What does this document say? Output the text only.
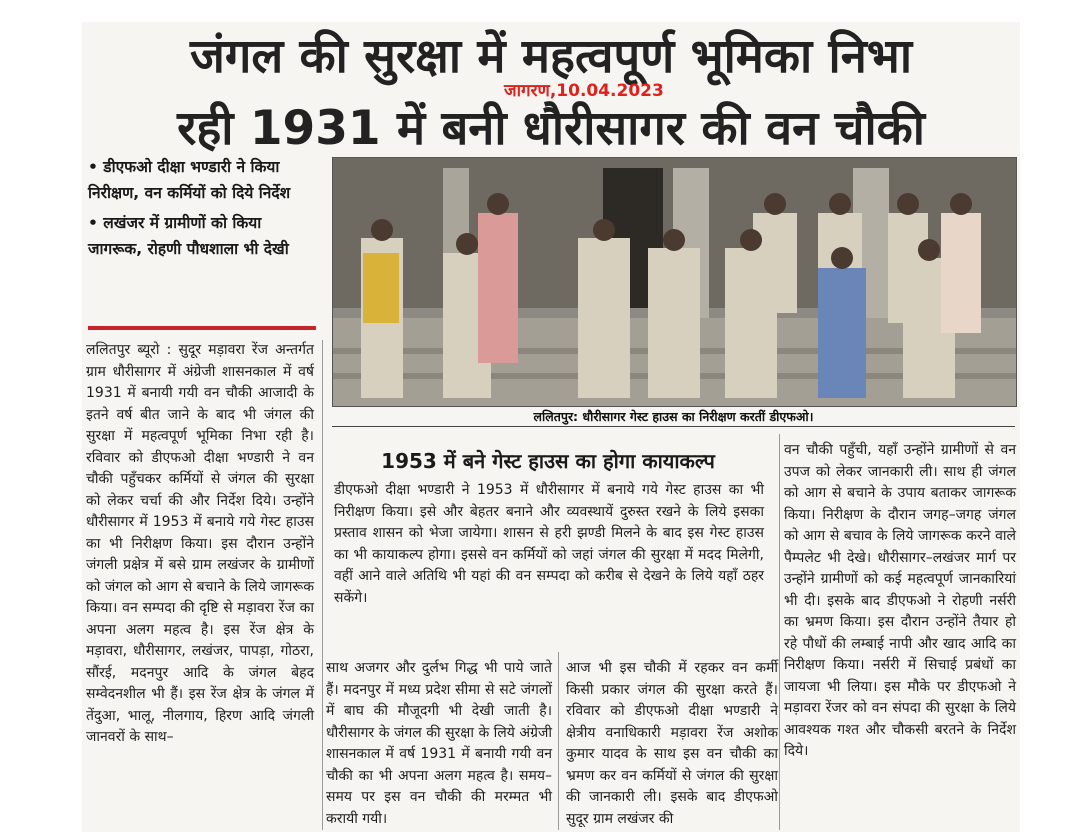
जंगल की सुरक्षा में महत्वपूर्ण भूमिका निभा
रही 1931 में बनी धौरीसागर की वन चौकी
जागरण,10.04.2023
• डीएफओ दीक्षा भण्डारी ने किया निरीक्षण, वन कर्मियों को दिये निर्देश
• लखंजर में ग्रामीणों को किया जागरूक, रोहणी पौधशाला भी देखी
ललितपुर ब्यूरो : सुदूर मड़ावरा रेंज अन्तर्गत ग्राम धौरीसागर में अंग्रेजी शासनकाल में वर्ष 1931 में बनायी गयी वन चौकी आजादी के इतने वर्ष बीत जाने के बाद भी जंगल की सुरक्षा में महत्वपूर्ण भूमिका निभा रही है। रविवार को डीएफओ दीक्षा भण्डारी ने वन चौकी पहुँचकर कर्मियों से जंगल की सुरक्षा को लेकर चर्चा की और निर्देश दिये। उन्होंने धौरीसागर में 1953 में बनाये गये गेस्ट हाउस का भी निरीक्षण किया। इस दौरान उन्होंने जंगली प्रक्षेत्र में बसे ग्राम लखंजर के ग्रामीणों को जंगल को आग से बचाने के लिये जागरूक किया। वन सम्पदा की दृष्टि से मड़ावरा रेंज का अपना अलग महत्व है। इस रेंज क्षेत्र के मड़ावरा, धौरीसागर, लखंजर, पापड़ा, गोठरा, सौंरई, मदनपुर आदि के जंगल बेहद सम्वेदनशील भी हैं। इस रेंज क्षेत्र के जंगल में तेंदुआ, भालू, नीलगाय, हिरण आदि जंगली जानवरों के साथ–
ललितपुर: धौरीसागर गेस्ट हाउस का निरीक्षण करतीं डीएफओ।
1953 में बने गेस्ट हाउस का होगा कायाकल्प
डीएफओ दीक्षा भण्डारी ने 1953 में धौरीसागर में बनाये गये गेस्ट हाउस का भी निरीक्षण किया। इसे और बेहतर बनाने और व्यवस्थायें दुरुस्त रखने के लिये इसका प्रस्ताव शासन को भेजा जायेगा। शासन से हरी झण्डी मिलने के बाद इस गेस्ट हाउस का भी कायाकल्प होगा। इससे वन कर्मियों को जहां जंगल की सुरक्षा में मदद मिलेगी, वहीं आने वाले अतिथि भी यहां की वन सम्पदा को करीब से देखने के लिये यहाँ ठहर सकेंगे।
साथ अजगर और दुर्लभ गिद्ध भी पाये जाते हैं। मदनपुर में मध्य प्रदेश सीमा से सटे जंगलों में बाघ की मौजूदगी भी देखी जाती है। धौरीसागर के जंगल की सुरक्षा के लिये अंग्रेजी शासनकाल में वर्ष 1931 में बनायी गयी वन चौकी का भी अपना अलग महत्व है। समय–समय पर इस वन चौकी की मरम्मत भी करायी गयी।
आज भी इस चौकी में रहकर वन कर्मी किसी प्रकार जंगल की सुरक्षा करते हैं। रविवार को डीएफओ दीक्षा भण्डारी ने क्षेत्रीय वनाधिकारी मड़ावरा रेंज अशोक कुमार यादव के साथ इस वन चौकी का भ्रमण कर वन कर्मियों से जंगल की सुरक्षा की जानकारी ली। इसके बाद डीएफओ सुदूर ग्राम लखंजर की
वन चौकी पहुँची, यहाँ उन्होंने ग्रामीणों से वन उपज को लेकर जानकारी ली। साथ ही जंगल को आग से बचाने के उपाय बताकर जागरूक किया। निरीक्षण के दौरान जगह–जगह जंगल को आग से बचाव के लिये जागरूक करने वाले पैम्पलेट भी देखे। धौरीसागर–लखंजर मार्ग पर उन्होंने ग्रामीणों को कई महत्वपूर्ण जानकारियां भी दी। इसके बाद डीएफओ ने रोहणी नर्सरी का भ्रमण किया। इस दौरान उन्होंने तैयार हो रहे पौधों की लम्बाई नापी और खाद आदि का निरीक्षण किया। नर्सरी में सिचाई प्रबंधों का जायजा भी लिया। इस मौके पर डीएफओ ने मड़ावरा रेंजर को वन संपदा की सुरक्षा के लिये आवश्यक गश्त और चौकसी बरतने के निर्देश दिये।
